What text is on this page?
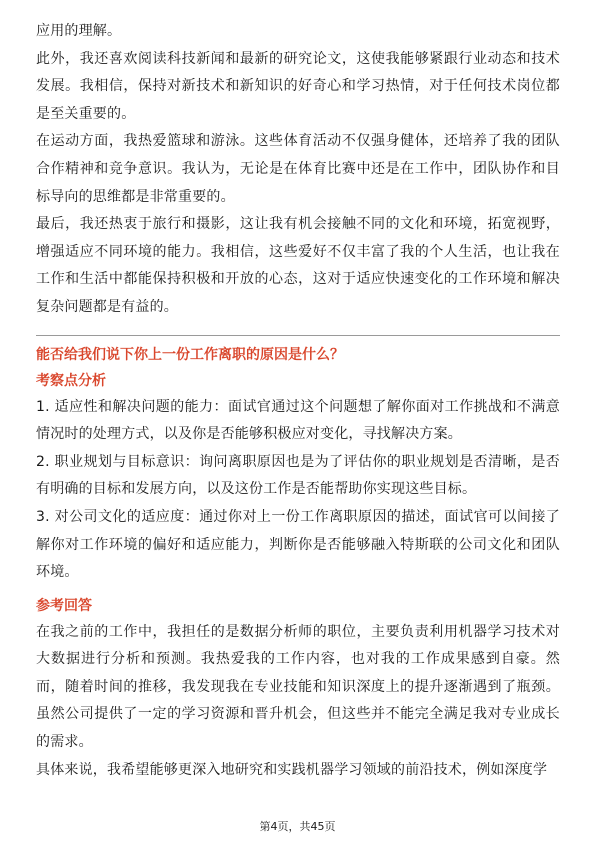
应用的理解。

此外，我还喜欢阅读科技新闻和最新的研究论文，这使我能够紧跟行业动态和技术发展。我相信，保持对新技术和新知识的好奇心和学习热情，对于任何技术岗位都是至关重要的。

在运动方面，我热爱篮球和游泳。这些体育活动不仅强身健体，还培养了我的团队合作精神和竞争意识。我认为，无论是在体育比赛中还是在工作中，团队协作和目标导向的思维都是非常重要的。

最后，我还热衷于旅行和摄影，这让我有机会接触不同的文化和环境，拓宽视野，增强适应不同环境的能力。我相信，这些爱好不仅丰富了我的个人生活，也让我在工作和生活中都能保持积极和开放的心态，这对于适应快速变化的工作环境和解决复杂问题都是有益的。

能否给我们说下你上一份工作离职的原因是什么？

考察点分析

1. 适应性和解决问题的能力：面试官通过这个问题想了解你面对工作挑战和不满意情况时的处理方式，以及你是否能够积极应对变化，寻找解决方案。

2. 职业规划与目标意识：询问离职原因也是为了评估你的职业规划是否清晰，是否有明确的目标和发展方向，以及这份工作是否能帮助你实现这些目标。

3. 对公司文化的适应度：通过你对上一份工作离职原因的描述，面试官可以间接了解你对工作环境的偏好和适应能力，判断你是否能够融入特斯联的公司文化和团队环境。

参考回答

在我之前的工作中，我担任的是数据分析师的职位，主要负责利用机器学习技术对大数据进行分析和预测。我热爱我的工作内容，也对我的工作成果感到自豪。然而，随着时间的推移，我发现我在专业技能和知识深度上的提升逐渐遇到了瓶颈。虽然公司提供了一定的学习资源和晋升机会，但这些并不能完全满足我对专业成长的需求。

具体来说，我希望能够更深入地研究和实践机器学习领域的前沿技术，例如深度学

第4页，共45页
